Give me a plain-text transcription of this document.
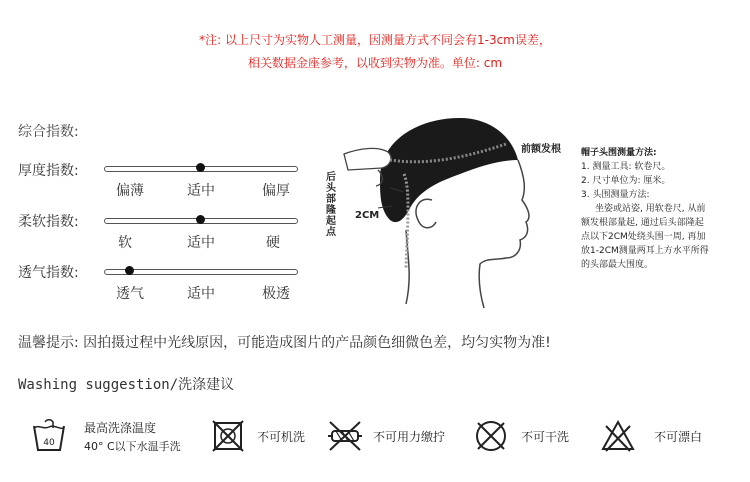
*注: 以上尺寸为实物人工测量，因测量方式不同会有1-3cm误差，
相关数据金座参考，以收到实物为准。单位: cm
综合指数:
厚度指数:
偏薄	适中	偏厚
柔软指数:
软	适中	硬
透气指数:
透气	适中	极透
后头部隆起点
前额发根
2CM
帽子头围测量方法:
1. 测量工具: 软卷尺。
2. 尺寸单位为: 厘米。
3. 头围测量方法:
坐姿或站姿, 用软卷尺, 从前
额发根部量起, 通过后头部隆起
点以下2CM处绕头围一周, 再加
放1-2CM测量两耳上方水平所得
的头部最大围度。
温馨提示: 因拍摄过程中光线原因，可能造成图片的产品颜色细微色差，均匀实物为准!
Washing suggestion/洗涤建议
40
最高洗涤温度
40° C以下水温手洗
不可机洗	不可用力缴拧	不可干洗	不可漂白
